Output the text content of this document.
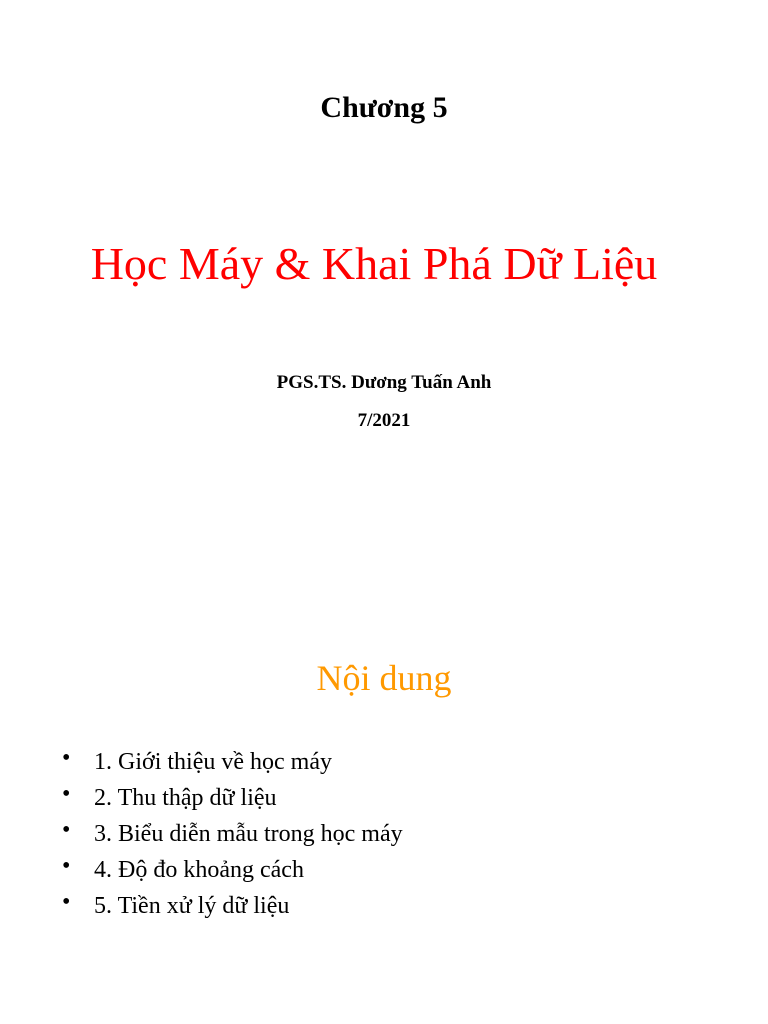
Chương 5
Học Máy & Khai Phá Dữ Liệu
PGS.TS. Dương Tuấn Anh
7/2021
Nội dung
• 1. Giới thiệu về học máy
• 2. Thu thập dữ liệu
• 3. Biểu diễn mẫu trong học máy
• 4. Độ đo khoảng cách
• 5. Tiền xử lý dữ liệu
